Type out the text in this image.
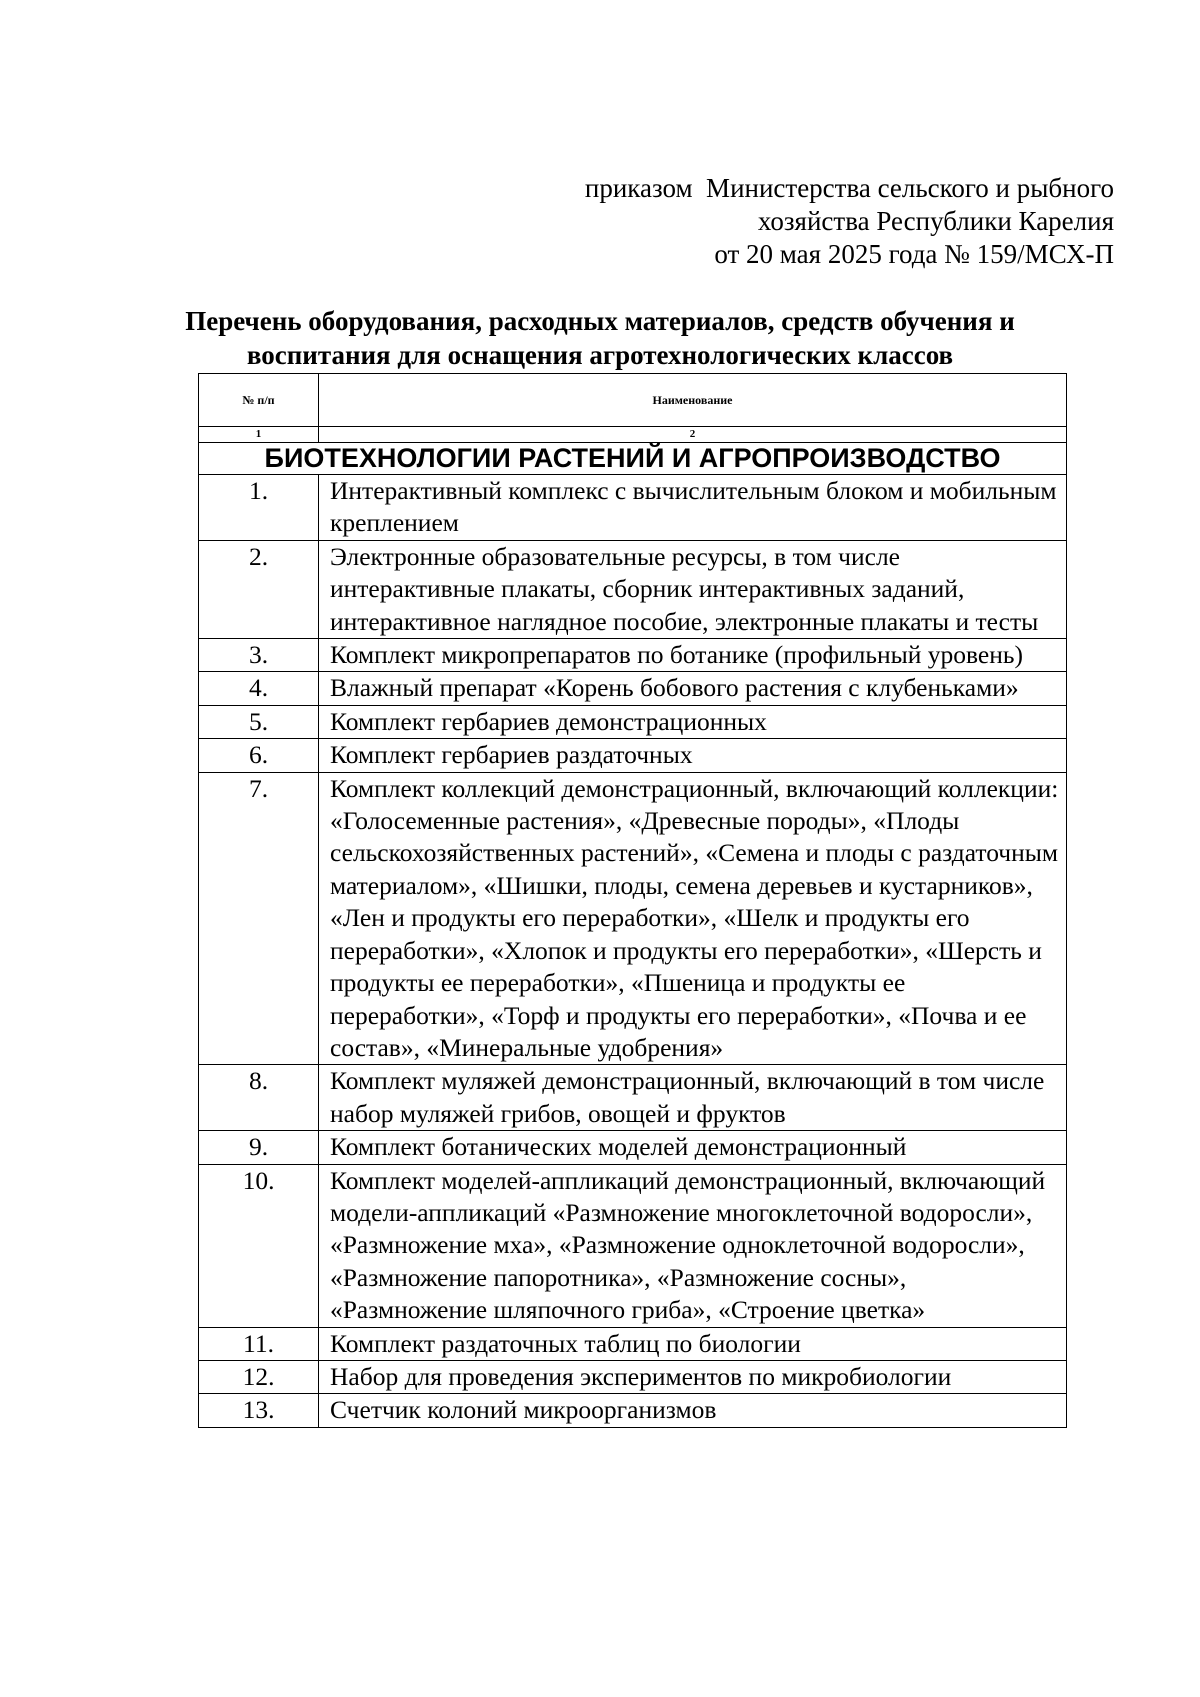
приказом  Министерства сельского и рыбного
хозяйства Республики Карелия
от 20 мая 2025 года № 159/МСХ-П
Перечень оборудования, расходных материалов, средств обучения и
воспитания для оснащения агротехнологических классов
№ п/п	Наименование
1	2
БИОТЕХНОЛОГИИ РАСТЕНИЙ И АГРОПРОИЗВОДСТВО	
1.	Интерактивный комплекс с вычислительным блоком и мобильным креплением
2.	Электронные образовательные ресурсы, в том числе интерактивные плакаты, сборник интерактивных заданий, интерактивное наглядное пособие, электронные плакаты и тесты
3.	Комплект микропрепаратов по ботанике (профильный уровень)
4.	Влажный препарат «Корень бобового растения с клубеньками»
5.	Комплект гербариев демонстрационных
6.	Комплект гербариев раздаточных
7.	Комплект коллекций демонстрационный, включающий коллекции: «Голосеменные растения», «Древесные породы», «Плоды сельскохозяйственных растений», «Семена и плоды с раздаточным материалом», «Шишки, плоды, семена деревьев и кустарников», «Лен и продукты его переработки», «Шелк и продукты его переработки», «Хлопок и продукты его переработки», «Шерсть и продукты ее переработки», «Пшеница и продукты ее переработки», «Торф и продукты его переработки», «Почва и ее состав», «Минеральные удобрения»
8.	Комплект муляжей демонстрационный, включающий в том числе набор муляжей грибов, овощей и фруктов
9.	Комплект ботанических моделей демонстрационный
10.	Комплект моделей-аппликаций демонстрационный, включающий модели-аппликаций «Размножение многоклеточной водоросли», «Размножение мха», «Размножение одноклеточной водоросли», «Размножение папоротника», «Размножение сосны», «Размножение шляпочного гриба», «Строение цветка»
11.	Комплект раздаточных таблиц по биологии
12.	Набор для проведения экспериментов по микробиологии
13.	Счетчик колоний микроорганизмов
